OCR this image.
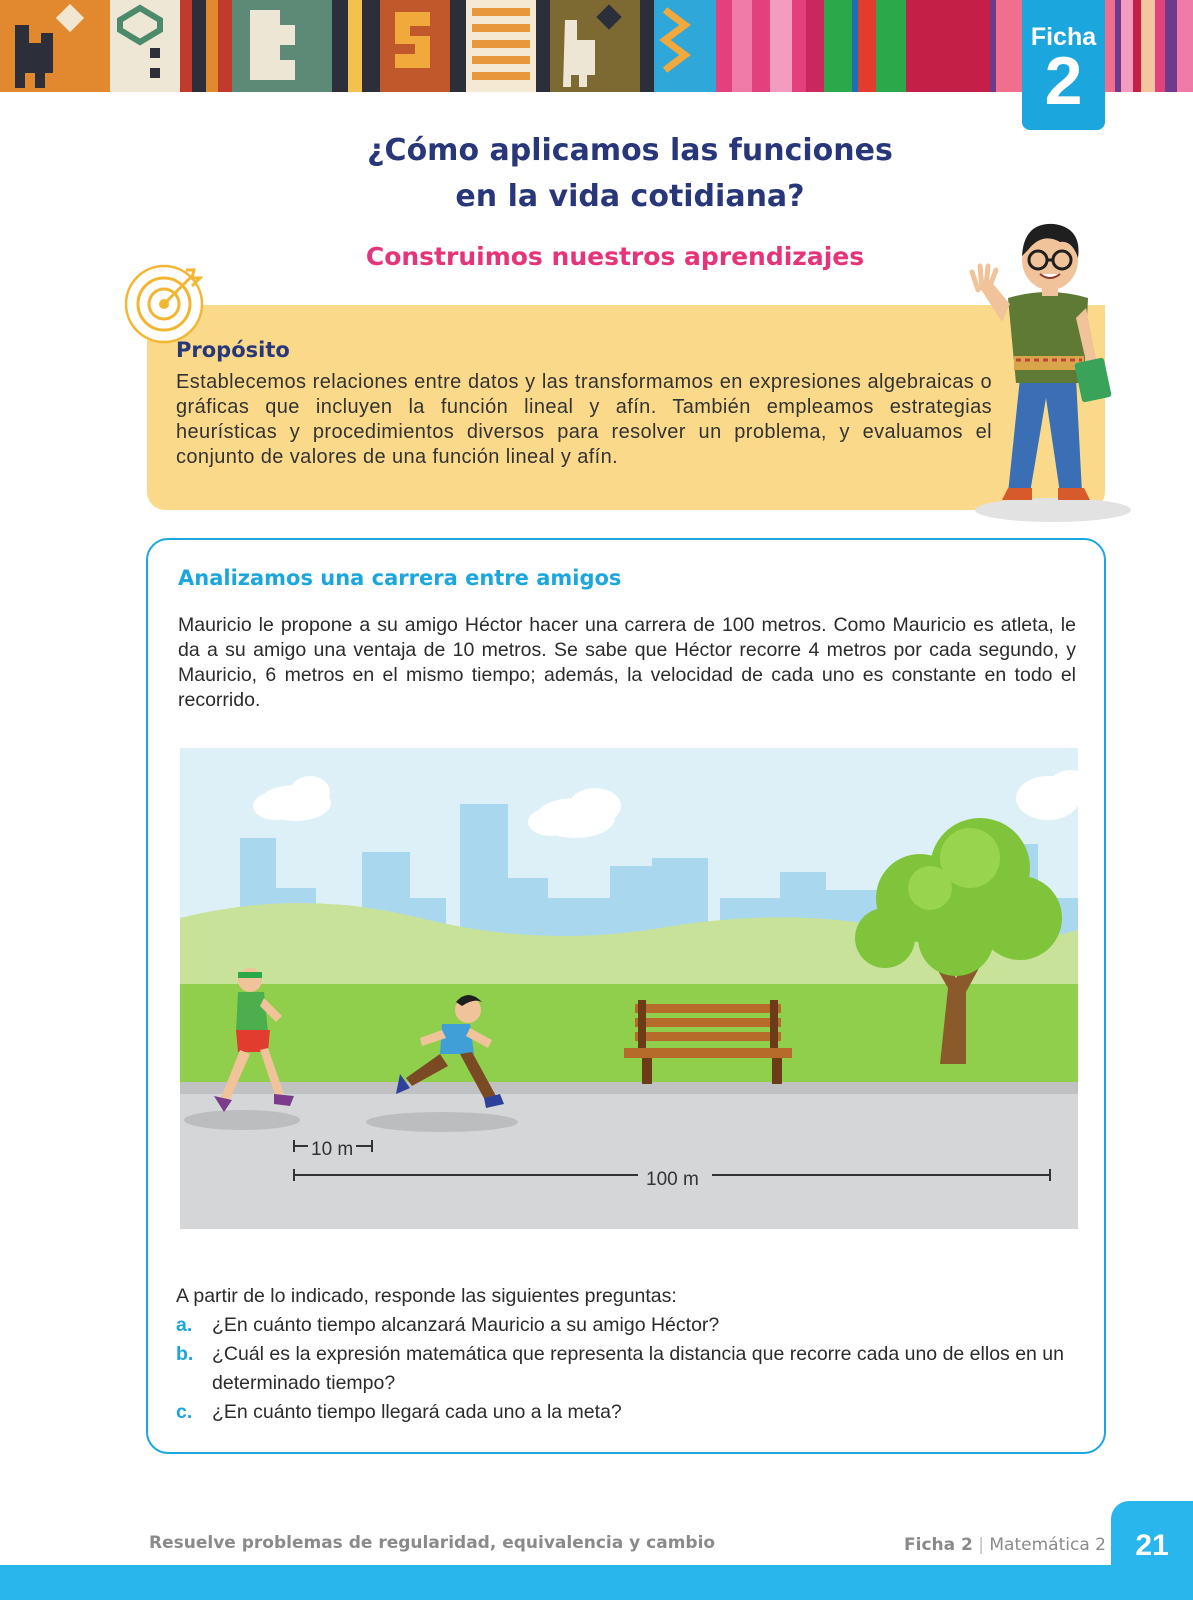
Ficha
2
¿Cómo aplicamos las funciones
en la vida cotidiana?
Construimos nuestros aprendizajes
Propósito

Establecemos relaciones entre datos y las transformamos en expresiones algebraicas o gráficas que incluyen la función lineal y afín. También empleamos estrategias heurísticas y procedimientos diversos para resolver un problema, y evaluamos el conjunto de valores de una función lineal y afín.

Analizamos una carrera entre amigos

Mauricio le propone a su amigo Héctor hacer una carrera de 100 metros. Como Mauricio es atleta, le da a su amigo una ventaja de 10 metros. Se sabe que Héctor recorre 4 metros por cada segundo, y Mauricio, 6 metros en el mismo tiempo; además, la velocidad de cada uno es constante en todo el recorrido.

10 m
100 m

A partir de lo indicado, responde las siguientes preguntas:

a.	¿En cuánto tiempo alcanzará Mauricio a su amigo Héctor?
b. ¿Cuál es la expresión matemática que representa la distancia que recorre cada uno de ellos en un determinado tiempo?
c.	¿En cuánto tiempo llegará cada uno a la meta?
Resuelve problemas de regularidad, equivalencia y cambio	Ficha 2 | Matemática 2 21
